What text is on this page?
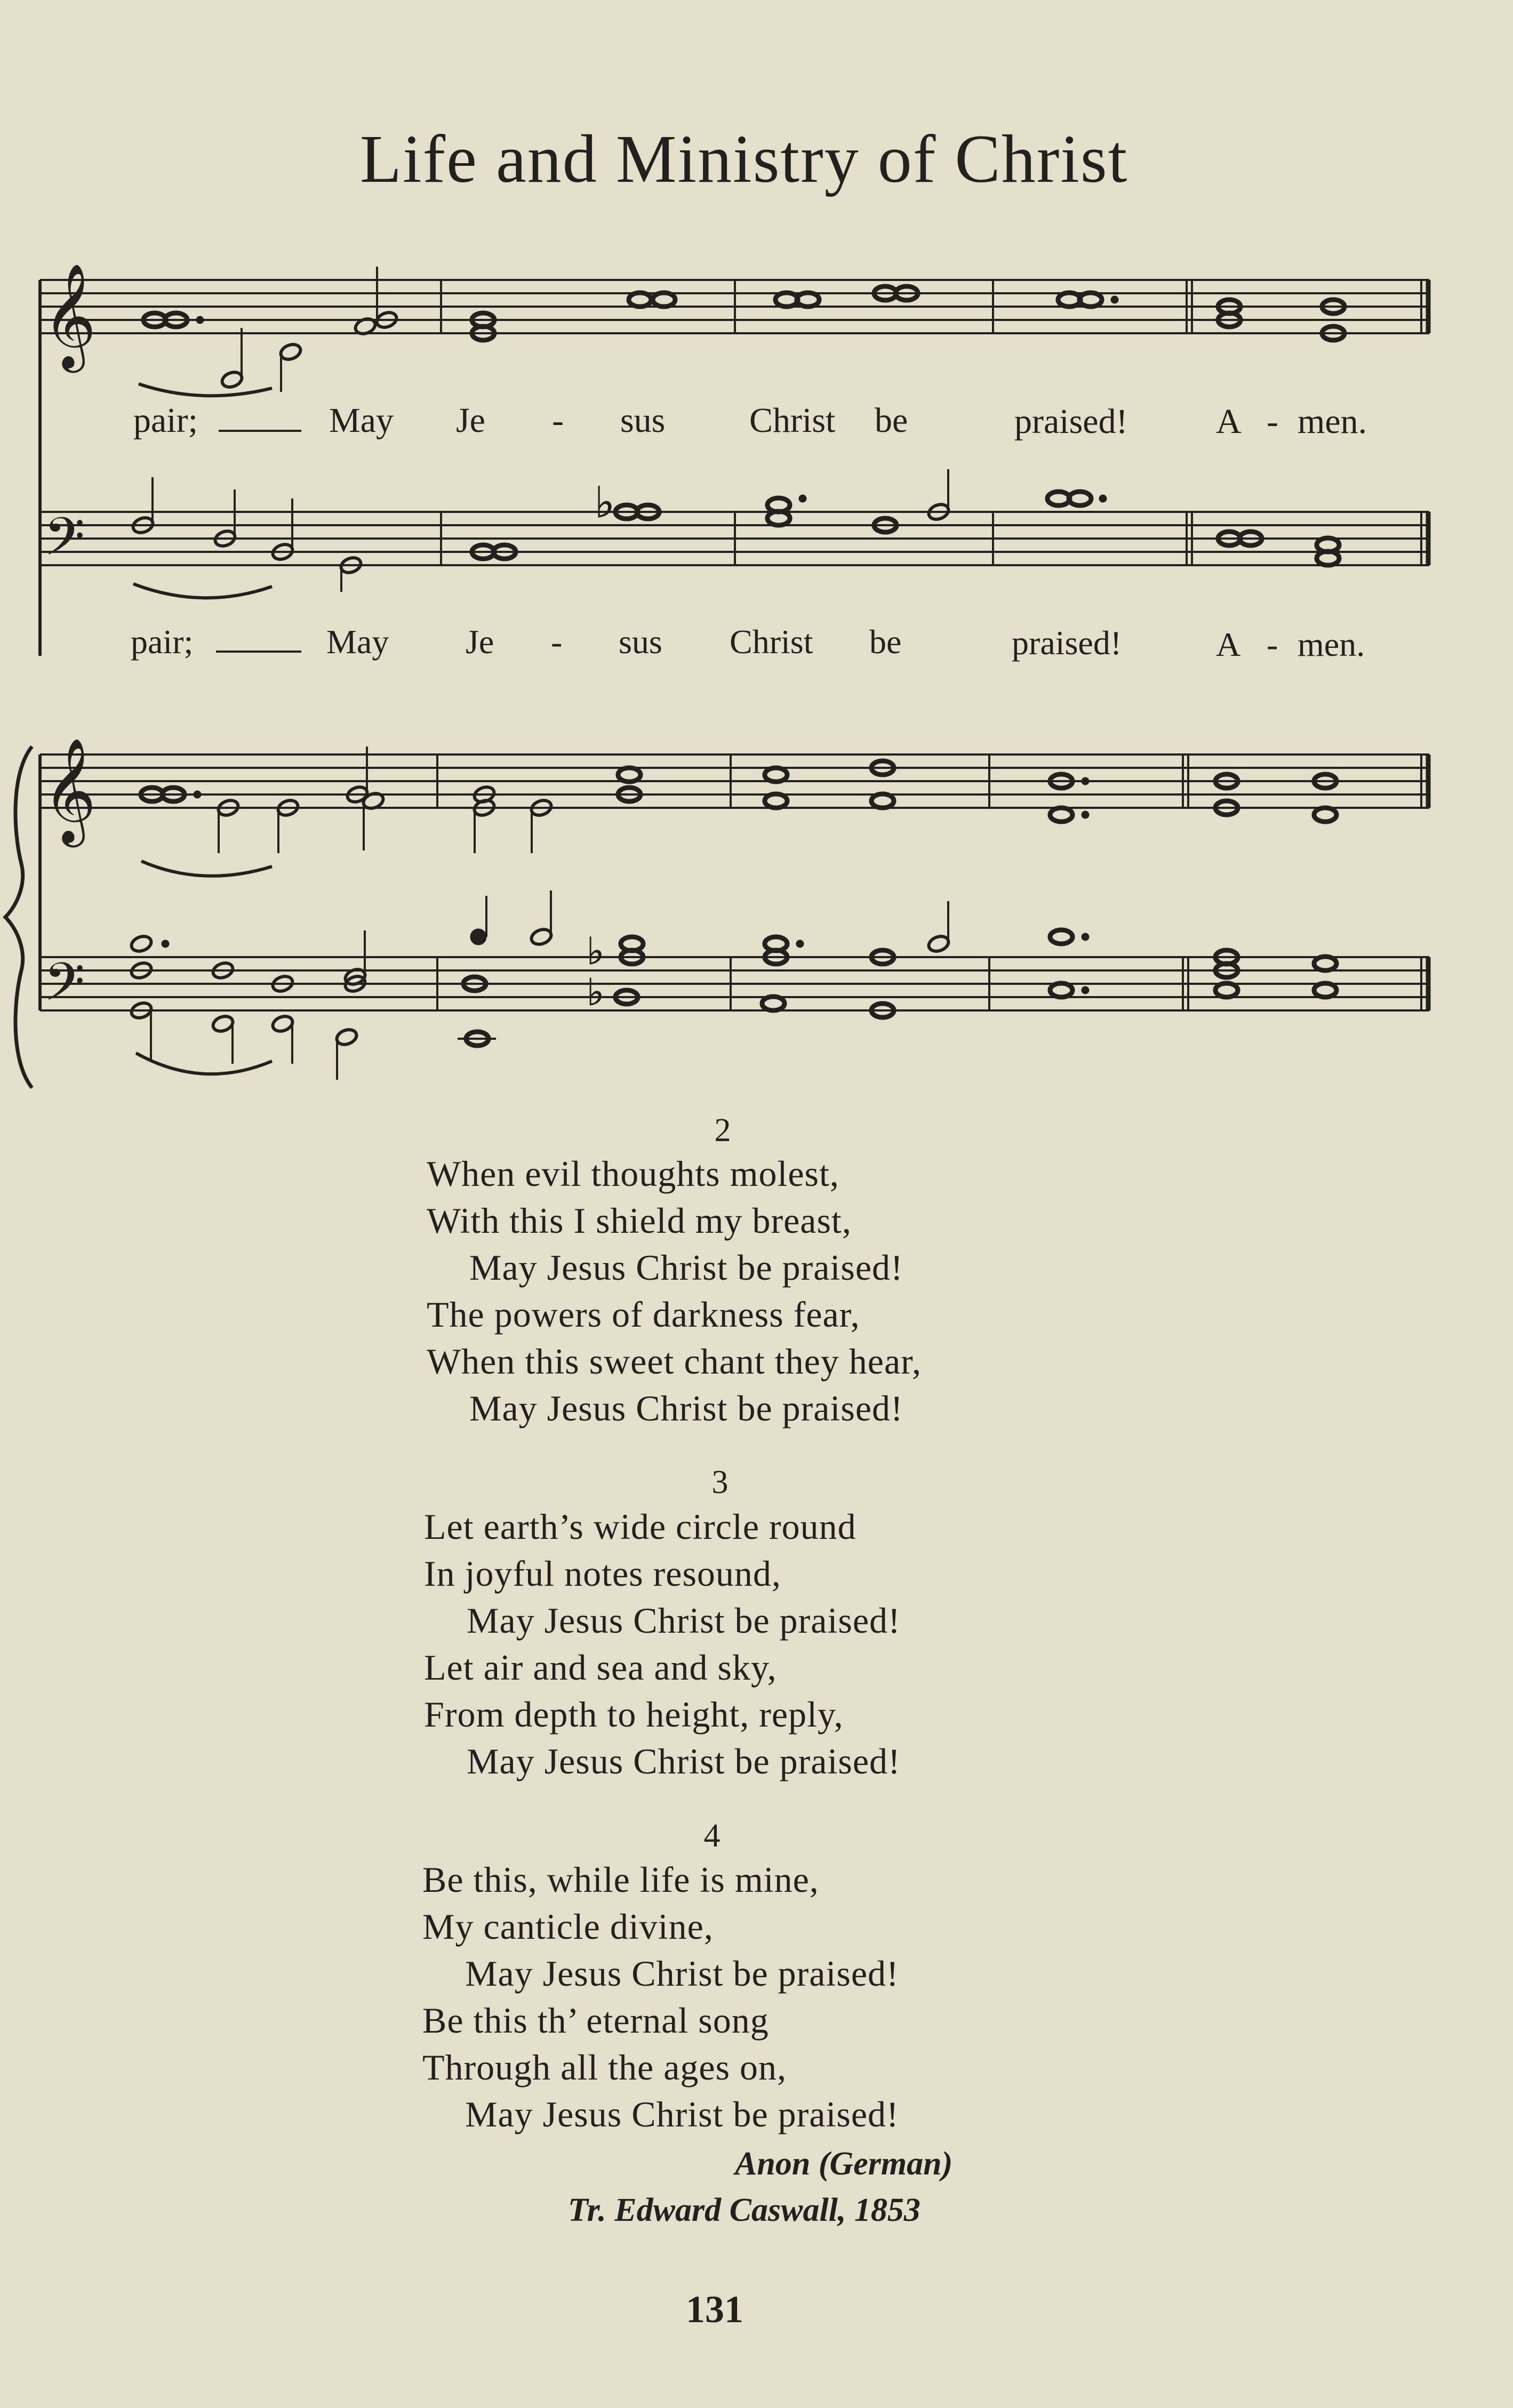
Life and Ministry of Christ
𝄞
pair;	May Je - sus Christ be	praised!	A - men.
𝄢
♭
pair;	May Je - sus Christ be	praised!	A - men.
𝄞
𝄢
♭
♭
2
When evil thoughts molest,
With this I shield my breast,
May Jesus Christ be praised!
The powers of darkness fear,
When this sweet chant they hear,
May Jesus Christ be praised!
3
Let earth’s wide circle round
In joyful notes resound,
May Jesus Christ be praised!
Let air and sea and sky,
From depth to height, reply,
May Jesus Christ be praised!
4
Be this, while life is mine,
My canticle divine,
May Jesus Christ be praised!
Be this th’ eternal song
Through all the ages on,
May Jesus Christ be praised!
Anon (German)
Tr. Edward Caswall, 1853
131
